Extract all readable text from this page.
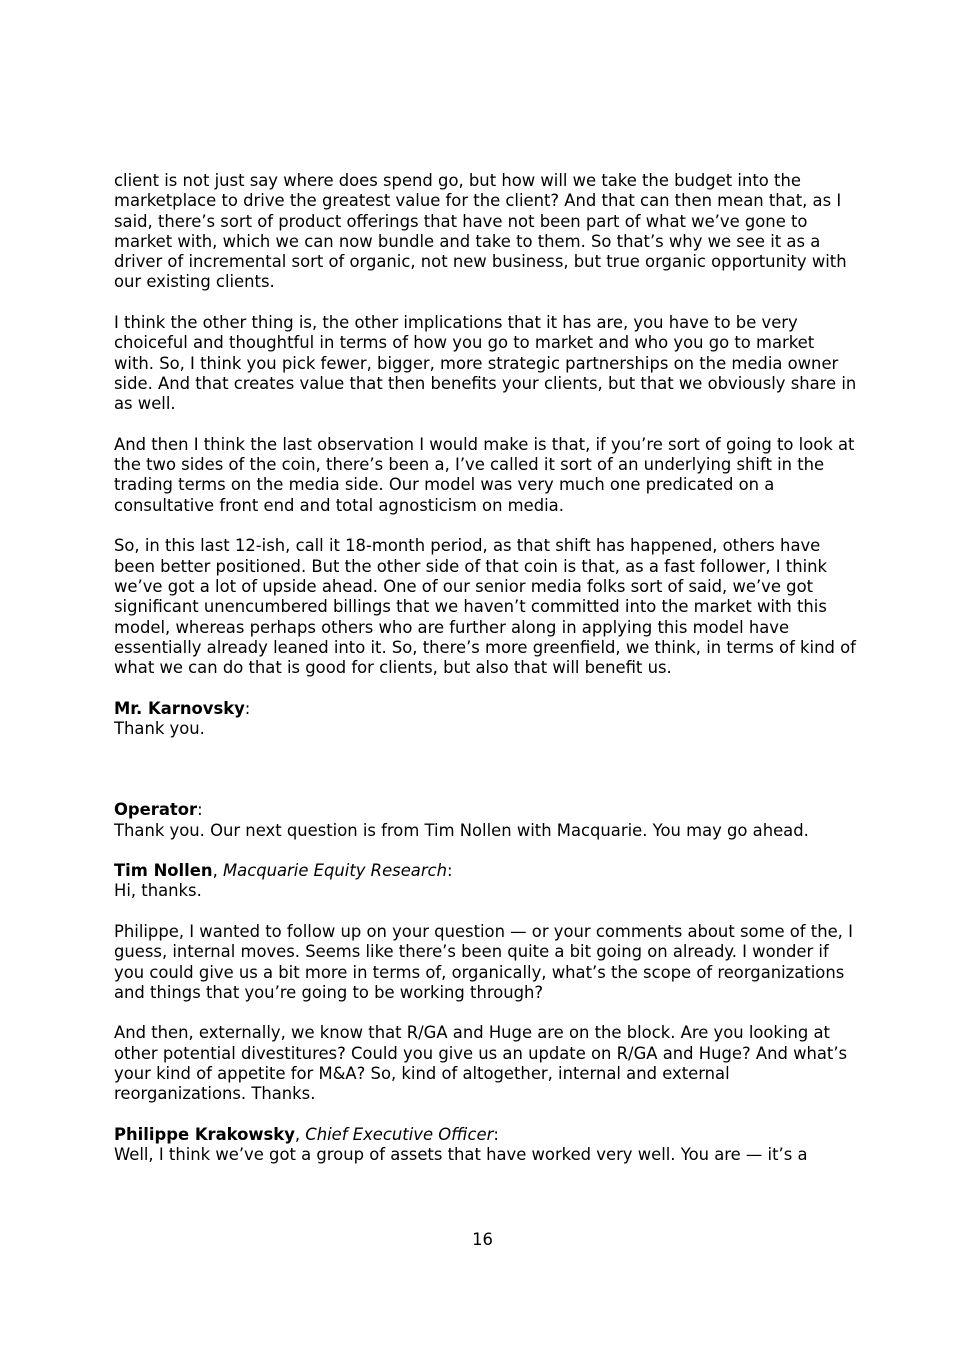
client is not just say where does spend go, but how will we take the budget into the marketplace to drive the greatest value for the client? And that can then mean that, as I said, there’s sort of product offerings that have not been part of what we’ve gone to market with, which we can now bundle and take to them. So that’s why we see it as a driver of incremental sort of organic, not new business, but true organic opportunity with our existing clients.

I think the other thing is, the other implications that it has are, you have to be very choiceful and thoughtful in terms of how you go to market and who you go to market with. So, I think you pick fewer, bigger, more strategic partnerships on the media owner side. And that creates value that then benefits your clients, but that we obviously share in as well.

And then I think the last observation I would make is that, if you’re sort of going to look at the two sides of the coin, there’s been a, I’ve called it sort of an underlying shift in the trading terms on the media side. Our model was very much one predicated on a consultative front end and total agnosticism on media.

So, in this last 12-ish, call it 18-month period, as that shift has happened, others have been better positioned. But the other side of that coin is that, as a fast follower, I think we’ve got a lot of upside ahead. One of our senior media folks sort of said, we’ve got significant unencumbered billings that we haven’t committed into the market with this model, whereas perhaps others who are further along in applying this model have essentially already leaned into it. So, there’s more greenfield, we think, in terms of kind of what we can do that is good for clients, but also that will benefit us.

Mr. Karnovsky:
Thank you.
Operator:
Thank you. Our next question is from Tim Nollen with Macquarie. You may go ahead.
Tim Nollen, Macquarie Equity Research:
Hi, thanks.

Philippe, I wanted to follow up on your question — or your comments about some of the, I guess, internal moves. Seems like there’s been quite a bit going on already. I wonder if you could give us a bit more in terms of, organically, what’s the scope of reorganizations and things that you’re going to be working through?

And then, externally, we know that R/GA and Huge are on the block. Are you looking at other potential divestitures? Could you give us an update on R/GA and Huge? And what’s your kind of appetite for M&A? So, kind of altogether, internal and external reorganizations. Thanks.

Philippe Krakowsky, Chief Executive Officer:
Well, I think we’ve got a group of assets that have worked very well. You are — it’s a
16
